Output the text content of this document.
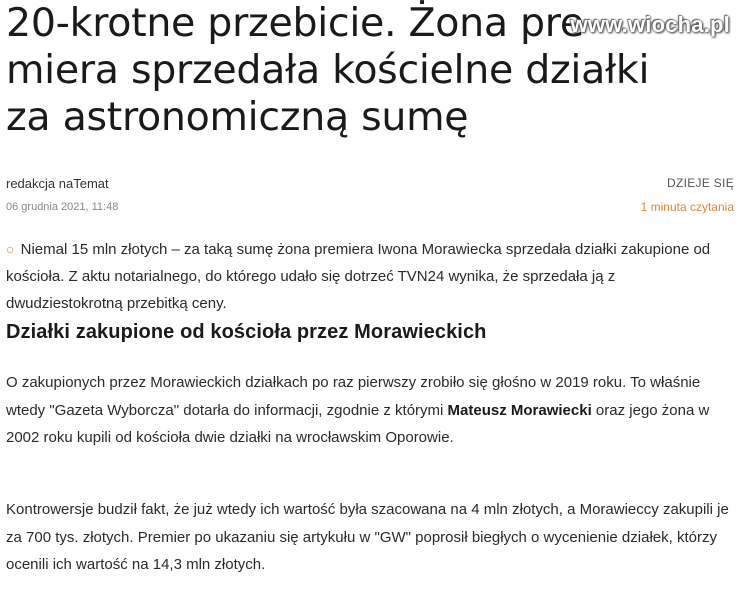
20-krotne przebicie. Żona pre
miera sprzedała kościelne działki
za astronomiczną sumę
www.wiocha.pl
redakcja naTemat
06 grudnia 2021, 11:48
DZIEJE SIĘ
1 minuta czytania

○ Niemal 15 mln złotych – za taką sumę żona premiera Iwona Morawiecka sprzedała działki zakupione od kościoła. Z aktu notarialnego, do którego udało się dotrzeć TVN24 wynika, że sprzedała ją z dwudziestokrotną przebitką ceny.

Działki zakupione od kościoła przez Morawieckich

O zakupionych przez Morawieckich działkach po raz pierwszy zrobiło się głośno w 2019 roku. To właśnie wtedy "Gazeta Wyborcza" dotarła do informacji, zgodnie z którymi Mateusz Morawiecki oraz jego żona w 2002 roku kupili od kościoła dwie działki na wrocławskim Oporowie.

Kontrowersje budził fakt, że już wtedy ich wartość była szacowana na 4 mln złotych, a Morawieccy zakupili je za 700 tys. złotych. Premier po ukazaniu się artykułu w "GW" poprosił biegłych o wycenienie działek, którzy ocenili ich wartość na 14,3 mln złotych.
